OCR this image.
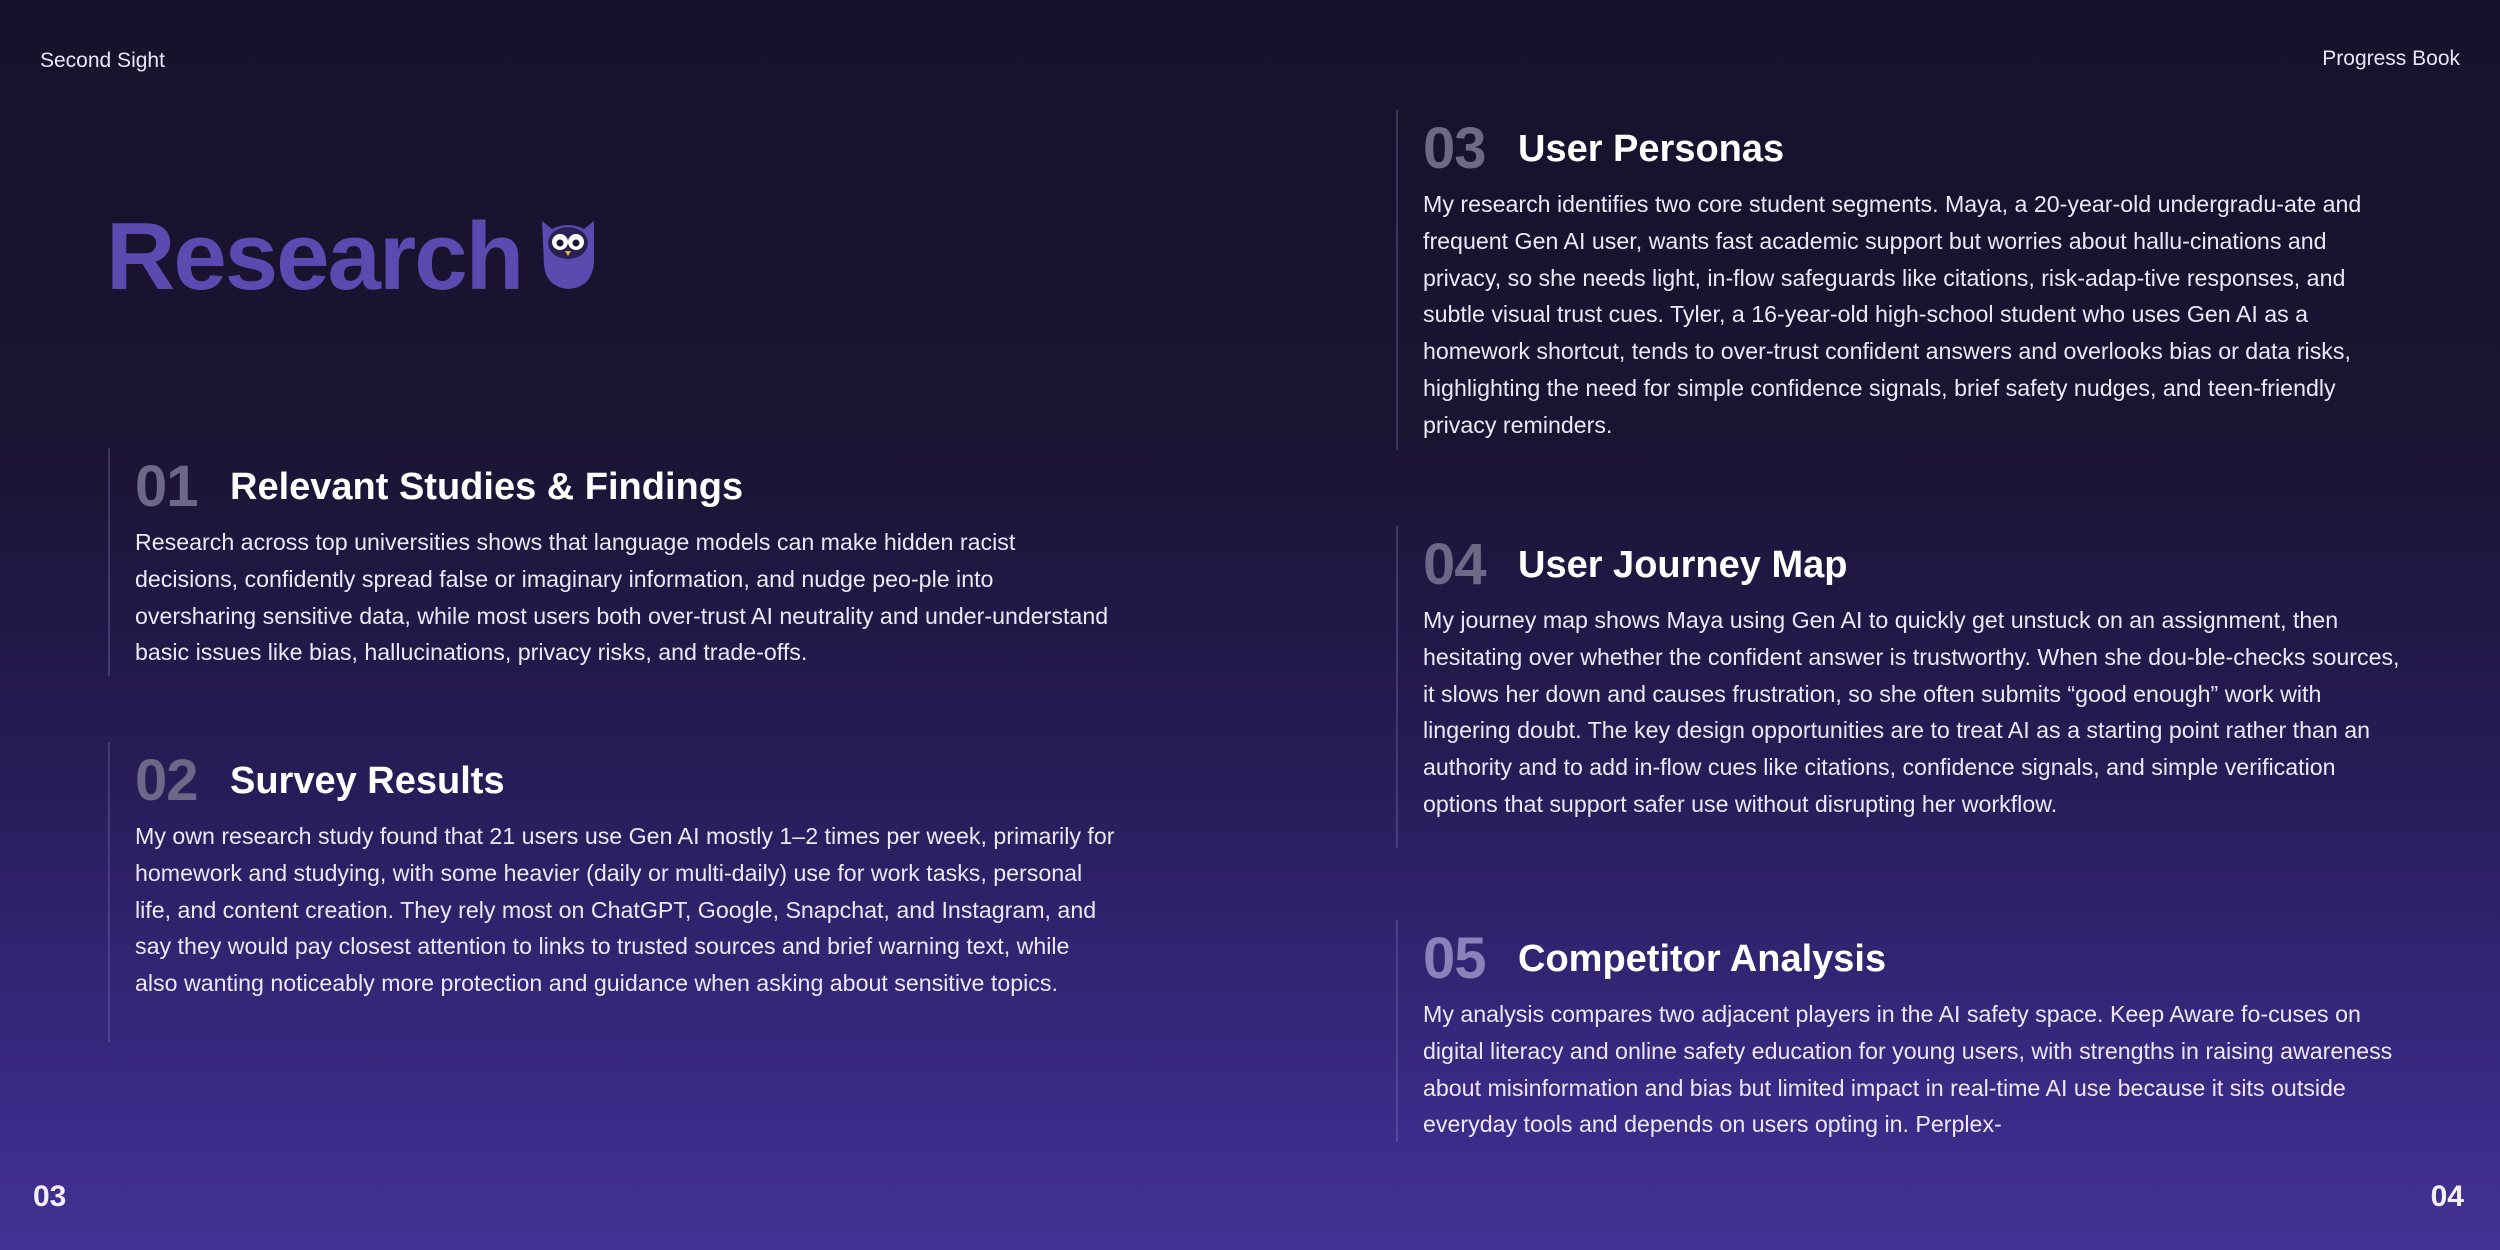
Second Sight	Progress Book
Research
01 Relevant Studies & Findings

Research across top universities shows that language models can make hidden racist decisions, confidently spread false or imaginary information, and nudge peo-ple into oversharing sensitive data, while most users both over-trust AI neutrality and under-understand basic issues like bias, hallucinations, privacy risks, and trade-offs.

02 Survey Results

My own research study found that 21 users use Gen AI mostly 1–2 times per week, primarily for homework and studying, with some heavier (daily or multi-daily) use for work tasks, personal life, and content creation. They rely most on ChatGPT, Google, Snapchat, and Instagram, and say they would pay closest attention to links to trusted sources and brief warning text, while also wanting noticeably more protection and guidance when asking about sensitive topics.

03 User Personas

My research identifies two core student segments. Maya, a 20-year-old undergradu-ate and frequent Gen AI user, wants fast academic support but worries about hallu-cinations and privacy, so she needs light, in-flow safeguards like citations, risk-adap-tive responses, and subtle visual trust cues. Tyler, a 16-year-old high-school student who uses Gen AI as a homework shortcut, tends to over-trust confident answers and overlooks bias or data risks, highlighting the need for simple confidence signals, brief safety nudges, and teen-friendly privacy reminders.

04 User Journey Map

My journey map shows Maya using Gen AI to quickly get unstuck on an assignment, then hesitating over whether the confident answer is trustworthy. When she dou-ble-checks sources, it slows her down and causes frustration, so she often submits “good enough” work with lingering doubt. The key design opportunities are to treat AI as a starting point rather than an authority and to add in-flow cues like citations, confidence signals, and simple verification options that support safer use without disrupting her workflow.

05 Competitor Analysis

My analysis compares two adjacent players in the AI safety space. Keep Aware fo-cuses on digital literacy and online safety education for young users, with strengths in raising awareness about misinformation and bias but limited impact in real-time AI use because it sits outside everyday tools and depends on users opting in. Perplex-

03	04
